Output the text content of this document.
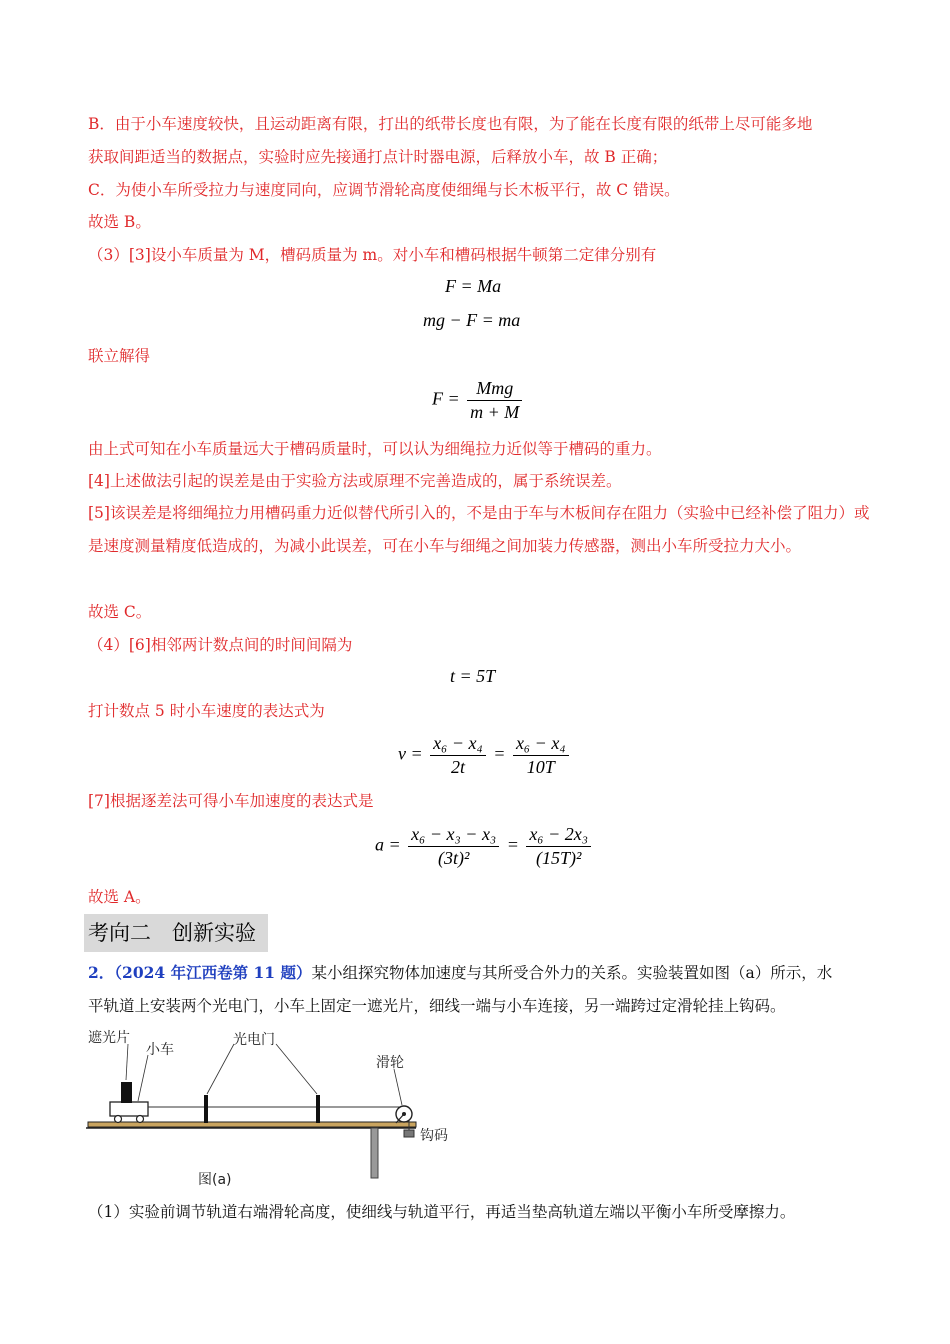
B．由于小车速度较快，且运动距离有限，打出的纸带长度也有限，为了能在长度有限的纸带上尽可能多地
获取间距适当的数据点，实验时应先接通打点计时器电源，后释放小车，故 B 正确；
C．为使小车所受拉力与速度同向，应调节滑轮高度使细绳与长木板平行，故 C 错误。
故选 B。
（3）[3]设小车质量为 M，槽码质量为 m。对小车和槽码根据牛顿第二定律分别有
F = Ma
mg − F = ma
联立解得
$F = \frac{\text{Mmg}}{m + M}$
由上式可知在小车质量远大于槽码质量时，可以认为细绳拉力近似等于槽码的重力。
[4]上述做法引起的误差是由于实验方法或原理不完善造成的，属于系统误差。
[5]该误差是将细绳拉力用槽码重力近似替代所引入的，不是由于车与木板间存在阻力（实验中已经补偿了阻力）或是速度测量精度低造成的，为减小此误差，可在小车与细绳之间加装力传感器，测出小车所受拉力大小。
故选 C。
（4）[6]相邻两计数点间的时间间隔为
t = 5T
打计数点 5 时小车速度的表达式为
$v = \frac{\text{x₆ − x₄}}{2t} = \frac{\text{x₆ − x₄}}{10T}$
[7]根据逐差法可得小车加速度的表达式是
$a = \frac{\text{x₆ − x₃ − x₃}}{\text{(3t)²}} = \frac{\text{x₆ − 2x₃}}{\text{(15T)²}}$
故选 A。
考向二　创新实验
2．（2024 年江西卷第 11 题）某小组探究物体加速度与其所受合外力的关系。实验装置如图（a）所示，水
平轨道上安装两个光电门，小车上固定一遮光片，细线一端与小车连接，另一端跨过定滑轮挂上钩码。
遮光片
小车
光电门
滑轮
钩码
图(a)
（1）实验前调节轨道右端滑轮高度，使细线与轨道平行，再适当垫高轨道左端以平衡小车所受摩擦力。
